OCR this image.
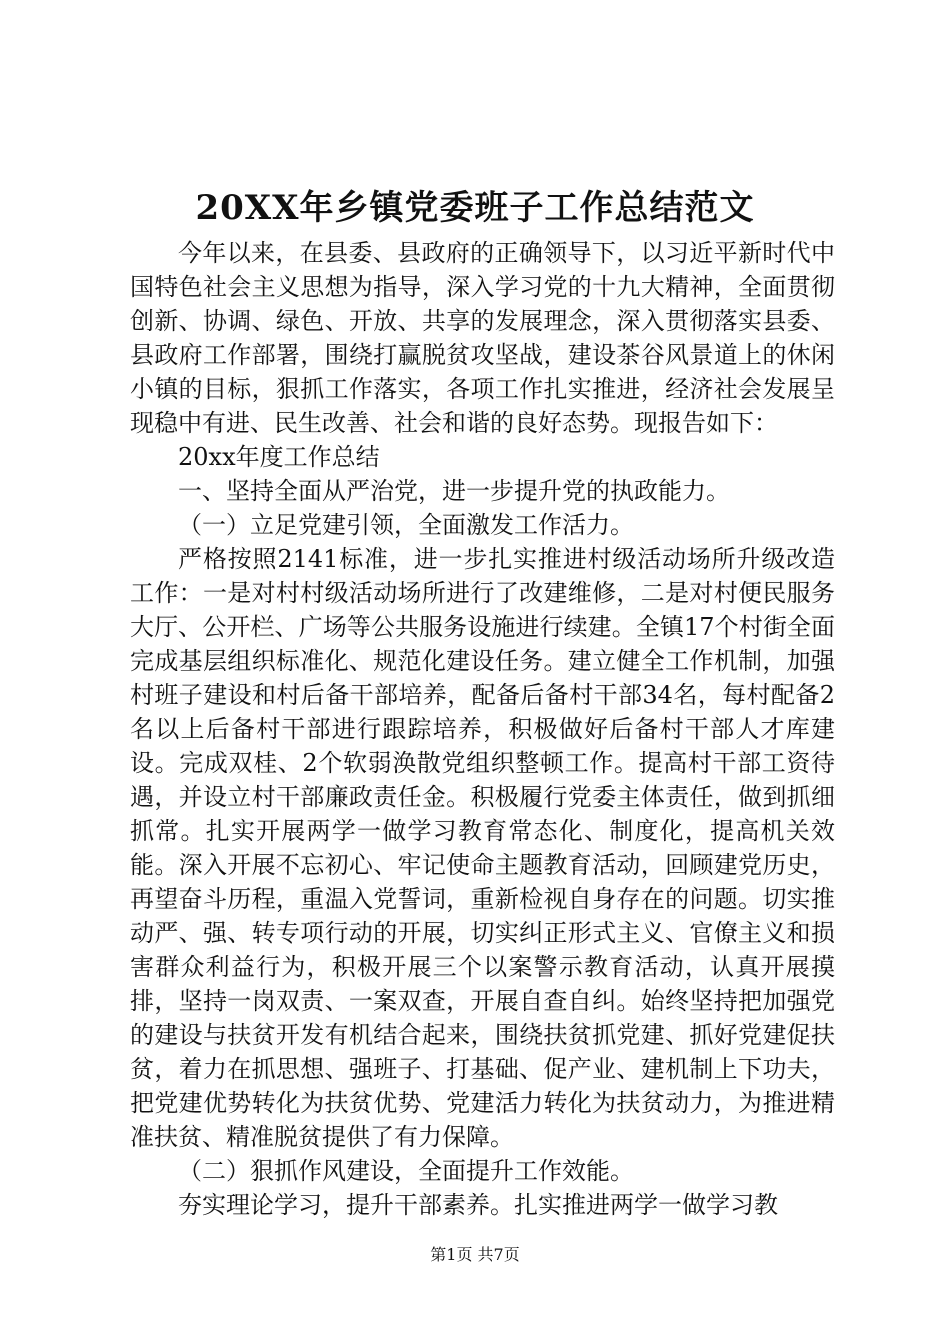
20XX年乡镇党委班子工作总结范文

今年以来，在县委、县政府的正确领导下，以习近平新时代中国特色社会主义思想为指导，深入学习党的十九大精神，全面贯彻创新、协调、绿色、开放、共享的发展理念，深入贯彻落实县委、县政府工作部署，围绕打赢脱贫攻坚战，建设茶谷风景道上的休闲小镇的目标，狠抓工作落实，各项工作扎实推进，经济社会发展呈现稳中有进、民生改善、社会和谐的良好态势。现报告如下：

20xx年度工作总结

一、坚持全面从严治党，进一步提升党的执政能力。

（一）立足党建引领，全面激发工作活力。

严格按照2141标准，进一步扎实推进村级活动场所升级改造工作：一是对村村级活动场所进行了改建维修，二是对村便民服务大厅、公开栏、广场等公共服务设施进行续建。全镇17个村街全面完成基层组织标准化、规范化建设任务。建立健全工作机制，加强村班子建设和村后备干部培养，配备后备村干部34名，每村配备2名以上后备村干部进行跟踪培养，积极做好后备村干部人才库建设。完成双桂、2个软弱涣散党组织整顿工作。提高村干部工资待遇，并设立村干部廉政责任金。积极履行党委主体责任，做到抓细抓常。扎实开展两学一做学习教育常态化、制度化，提高机关效能。深入开展不忘初心、牢记使命主题教育活动，回顾建党历史，再望奋斗历程，重温入党誓词，重新检视自身存在的问题。切实推动严、强、转专项行动的开展，切实纠正形式主义、官僚主义和损害群众利益行为，积极开展三个以案警示教育活动，认真开展摸排，坚持一岗双责、一案双查，开展自查自纠。始终坚持把加强党的建设与扶贫开发有机结合起来，围绕扶贫抓党建、抓好党建促扶贫，着力在抓思想、强班子、打基础、促产业、建机制上下功夫，把党建优势转化为扶贫优势、党建活力转化为扶贫动力，为推进精准扶贫、精准脱贫提供了有力保障。

（二）狠抓作风建设，全面提升工作效能。

夯实理论学习，提升干部素养。扎实推进两学一做学习教

第1页 共7页
